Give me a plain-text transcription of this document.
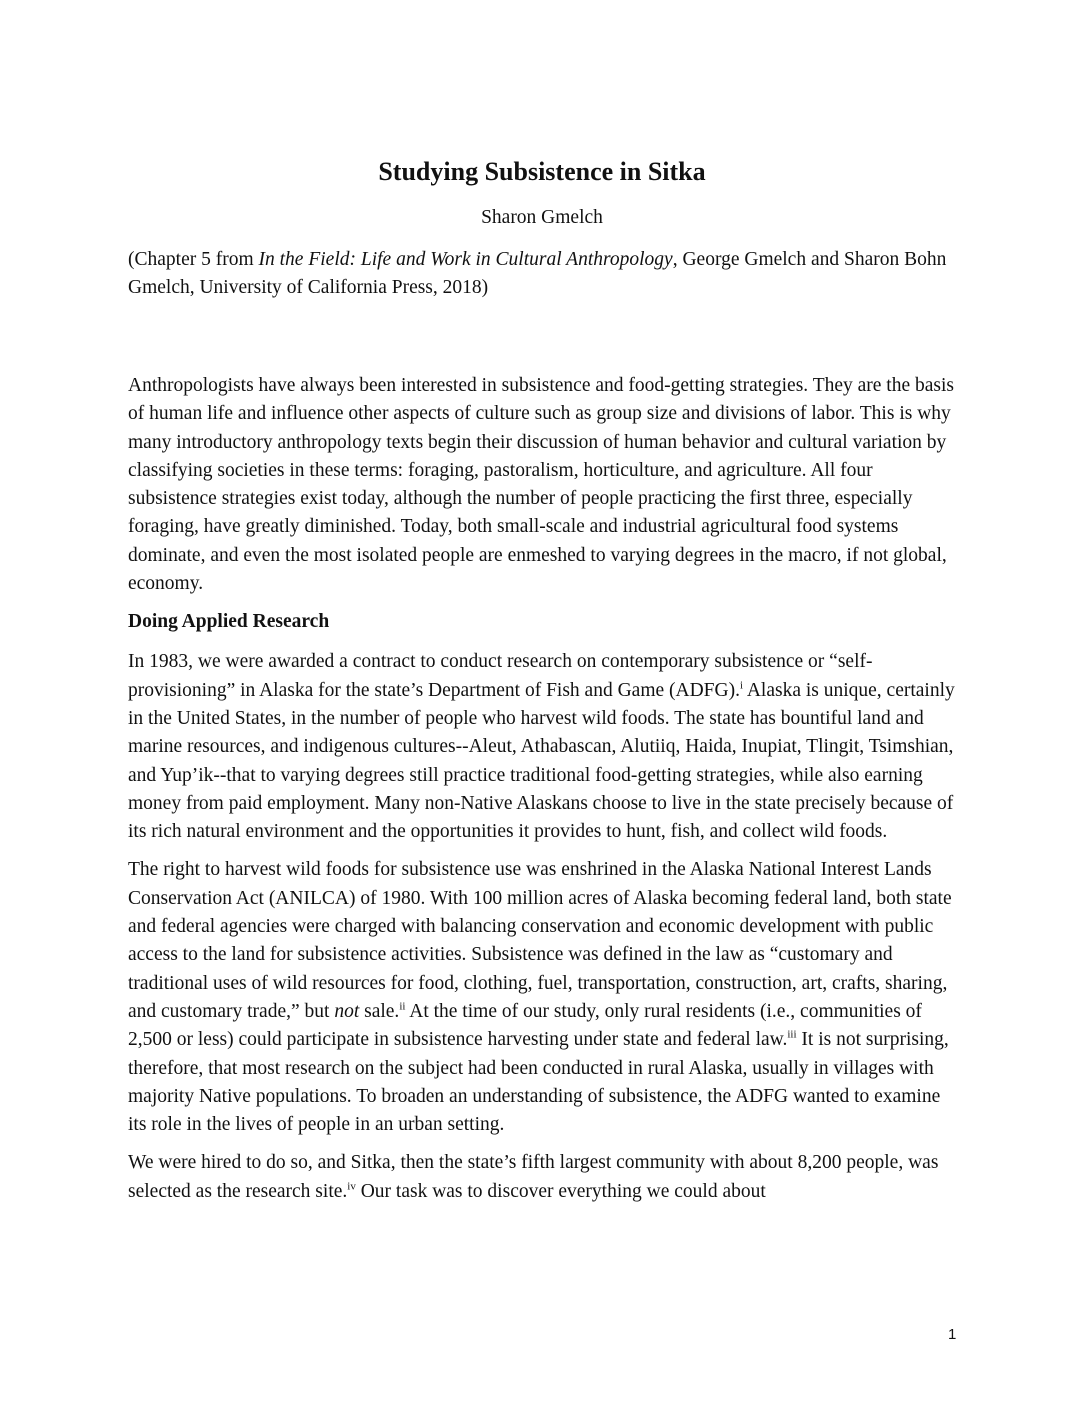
Studying Subsistence in Sitka

Sharon Gmelch

(Chapter 5 from In the Field: Life and Work in Cultural Anthropology, George Gmelch and Sharon Bohn Gmelch, University of California Press, 2018)

Anthropologists have always been interested in subsistence and food-getting strategies. They are the basis of human life and influence other aspects of culture such as group size and divisions of labor. This is why many introductory anthropology texts begin their discussion of human behavior and cultural variation by classifying societies in these terms: foraging, pastoralism, horticulture, and agriculture. All four subsistence strategies exist today, although the number of people practicing the first three, especially foraging, have greatly diminished. Today, both small-scale and industrial agricultural food systems dominate, and even the most isolated people are enmeshed to varying degrees in the macro, if not global, economy.

Doing Applied Research

In 1983, we were awarded a contract to conduct research on contemporary subsistence or “self-provisioning” in Alaska for the state’s Department of Fish and Game (ADFG).$^i$ Alaska is unique, certainly in the United States, in the number of people who harvest wild foods. The state has bountiful land and marine resources, and indigenous cultures--Aleut, Athabascan, Alutiiq, Haida, Inupiat, Tlingit, Tsimshian, and Yup’ik--that to varying degrees still practice traditional food-getting strategies, while also earning money from paid employment. Many non-Native Alaskans choose to live in the state precisely because of its rich natural environment and the opportunities it provides to hunt, fish, and collect wild foods.

The right to harvest wild foods for subsistence use was enshrined in the Alaska National Interest Lands Conservation Act (ANILCA) of 1980. With 100 million acres of Alaska becoming federal land, both state and federal agencies were charged with balancing conservation and economic development with public access to the land for subsistence activities. Subsistence was defined in the law as “customary and traditional uses of wild resources for food, clothing, fuel, transportation, construction, art, crafts, sharing, and customary trade,” but not sale.$^{ii}$ At the time of our study, only rural residents (i.e., communities of 2,500 or less) could participate in subsistence harvesting under state and federal law.$^{iii}$ It is not surprising, therefore, that most research on the subject had been conducted in rural Alaska, usually in villages with majority Native populations. To broaden an understanding of subsistence, the ADFG wanted to examine its role in the lives of people in an urban setting.

We were hired to do so, and Sitka, then the state’s fifth largest community with about 8,200 people, was selected as the research site.$^{iv}$ Our task was to discover everything we could about

1
